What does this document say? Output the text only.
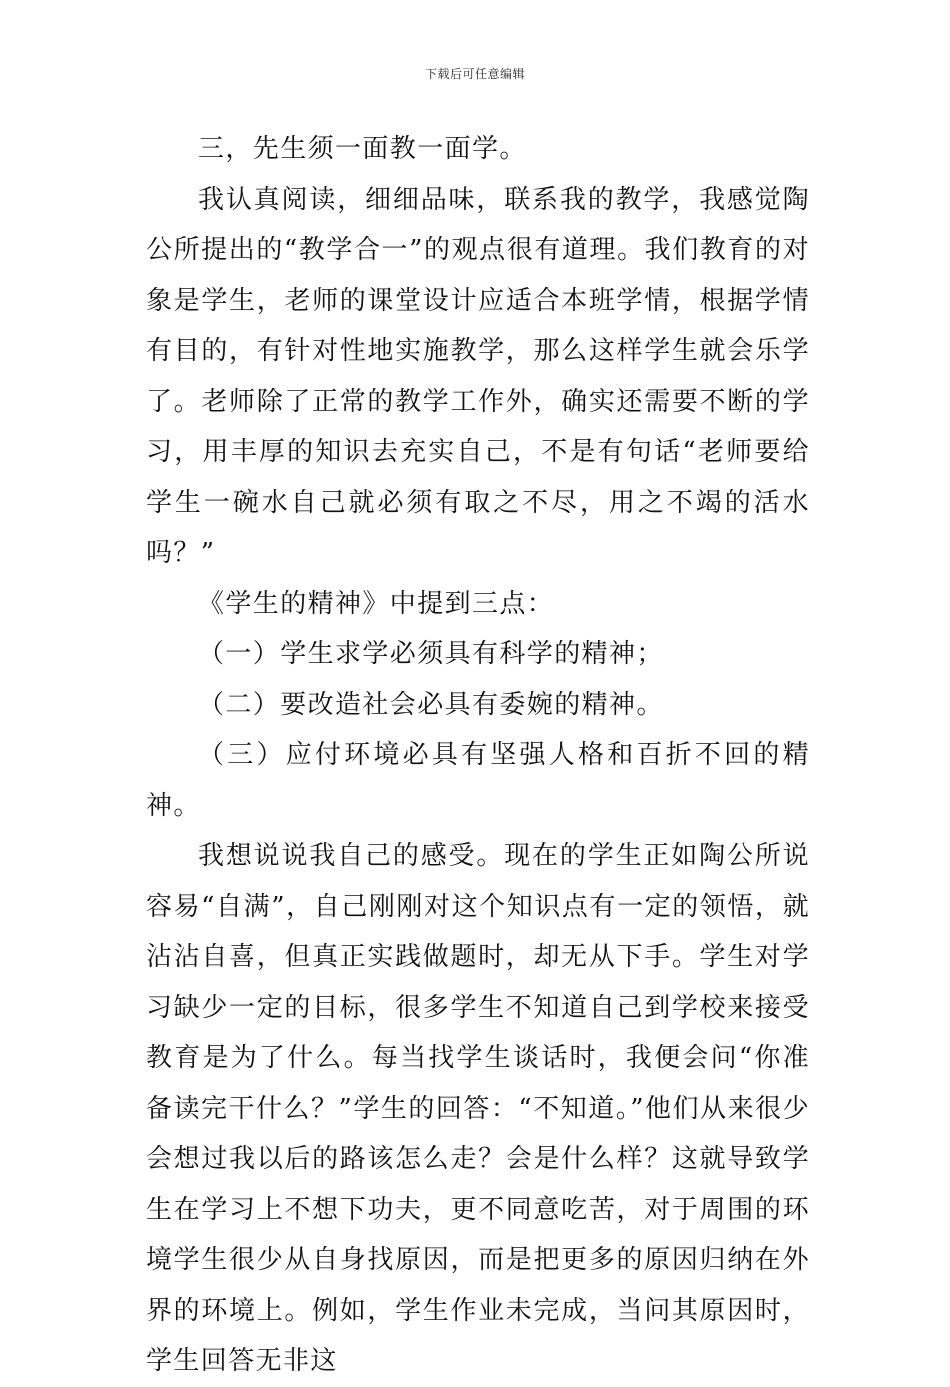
下载后可任意编辑

三，先生须一面教一面学。

我认真阅读，细细品味，联系我的教学，我感觉陶公所提出的“教学合一”的观点很有道理。我们教育的对象是学生，老师的课堂设计应适合本班学情，根据学情有目的，有针对性地实施教学，那么这样学生就会乐学了。老师除了正常的教学工作外，确实还需要不断的学习，用丰厚的知识去充实自己，不是有句话“老师要给学生一碗水自己就必须有取之不尽，用之不竭的活水吗？”

《学生的精神》中提到三点：

（一）学生求学必须具有科学的精神；

（二）要改造社会必具有委婉的精神。

（三）应付环境必具有坚强人格和百折不回的精神。

我想说说我自己的感受。现在的学生正如陶公所说容易“自满”，自己刚刚对这个知识点有一定的领悟，就沾沾自喜，但真正实践做题时，却无从下手。学生对学习缺少一定的目标，很多学生不知道自己到学校来接受教育是为了什么。每当找学生谈话时，我便会问“你准备读完干什么？”学生的回答：“不知道。”他们从来很少会想过我以后的路该怎么走？会是什么样？这就导致学生在学习上不想下功夫，更不同意吃苦，对于周围的环境学生很少从自身找原因，而是把更多的原因归纳在外界的环境上。例如，学生作业未完成，当问其原因时，学生回答无非这
